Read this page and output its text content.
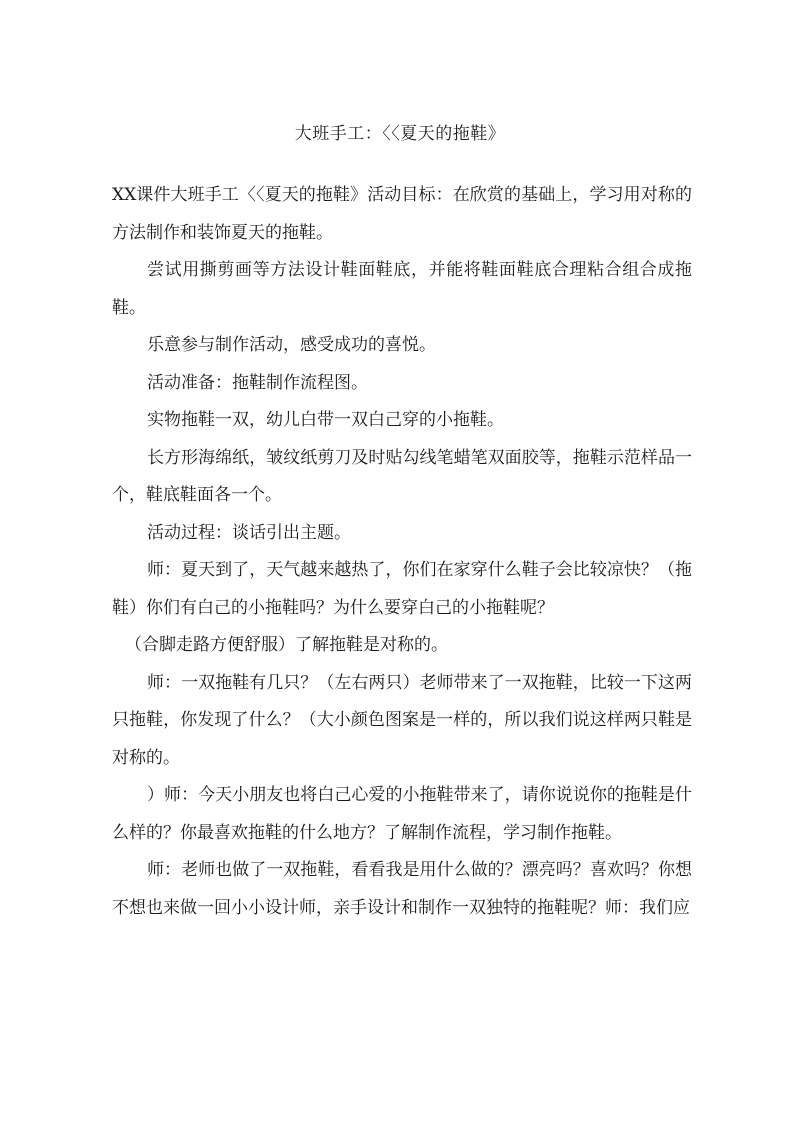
大班手工：〈〈夏天的拖鞋》

XX课件大班手工〈〈夏天的拖鞋》活动目标：在欣赏的基础上，学习用对称的方法制作和装饰夏天的拖鞋。

尝试用撕剪画等方法设计鞋面鞋底，并能将鞋面鞋底合理粘合组合成拖鞋。

乐意参与制作活动，感受成功的喜悦。

活动准备：拖鞋制作流程图。

实物拖鞋一双，幼儿白带一双白己穿的小拖鞋。

长方形海绵纸，皱纹纸剪刀及时贴勾线笔蜡笔双面胶等，拖鞋示范样品一个，鞋底鞋面各一个。

活动过程：谈话引出主题。

师：夏天到了，天气越来越热了，你们在家穿什么鞋子会比较凉快？（拖鞋）你们有白己的小拖鞋吗？为什么要穿白己的小拖鞋呢？

（合脚走路方便舒服）了解拖鞋是对称的。

师：一双拖鞋有几只？（左右两只）老师带来了一双拖鞋，比较一下这两只拖鞋，你发现了什么？（大小颜色图案是一样的，所以我们说这样两只鞋是对称的。

）师：今天小朋友也将白己心爱的小拖鞋带来了，请你说说你的拖鞋是什么样的？你最喜欢拖鞋的什么地方？了解制作流程，学习制作拖鞋。

师：老师也做了一双拖鞋，看看我是用什么做的？漂亮吗？喜欢吗？你想不想也来做一回小小设计师，亲手设计和制作一双独特的拖鞋呢？师：我们应
